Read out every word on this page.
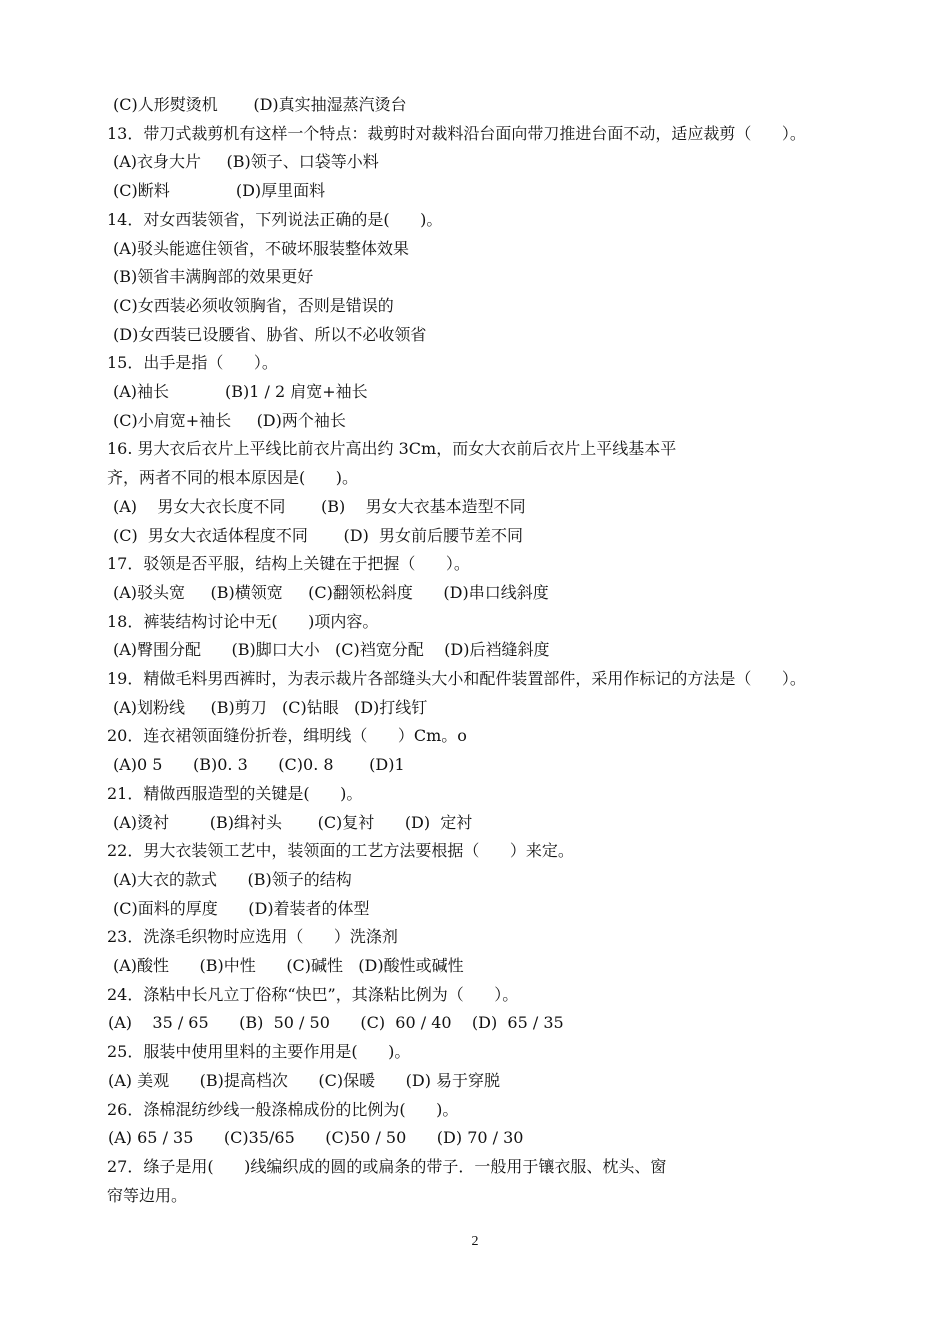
(C)人形熨烫机       (D)真实抽湿蒸汽烫台
13．带刀式裁剪机有这样一个特点：裁剪时对裁料沿台面向带刀推进台面不动，适应裁剪（      ）。
(A)衣身大片     (B)领子、口袋等小料
(C)断料             (D)厚里面料
14．对女西装领省，下列说法正确的是(      )。
(A)驳头能遮住领省，不破坏服装整体效果
(B)领省丰满胸部的效果更好
(C)女西装必须收领胸省，否则是错误的
(D)女西装已设腰省、胁省、所以不必收领省
15．出手是指（      ）。
(A)袖长           (B)1 / 2 肩宽+袖长
(C)小肩宽+袖长     (D)两个袖长
16. 男大衣后衣片上平线比前衣片高出约 3Cm，而女大衣前后衣片上平线基本平
齐，两者不同的根本原因是(      )。
(A)    男女大衣长度不同       (B)    男女大衣基本造型不同
(C)  男女大衣适体程度不同       (D)  男女前后腰节差不同
17．驳领是否平服，结构上关键在于把握（      ）。
(A)驳头宽     (B)横领宽     (C)翻领松斜度      (D)串口线斜度
18．裤装结构讨论中无(      )项内容。
(A)臀围分配      (B)脚口大小   (C)裆宽分配    (D)后裆缝斜度
19．精做毛料男西裤时，为表示裁片各部缝头大小和配件装置部件，采用作标记的方法是（      ）。
(A)划粉线     (B)剪刀   (C)钻眼   (D)打线钉
20．连衣裙领面缝份折卷，缉明线（      ）Cm。o
(A)0 5      (B)0. 3      (C)0. 8       (D)1
21．精做西服造型的关键是(      )。
(A)烫衬        (B)缉衬头       (C)复衬      (D)  定衬
22．男大衣装领工艺中，装领面的工艺方法要根据（      ）来定。
(A)大衣的款式      (B)领子的结构
(C)面料的厚度      (D)着装者的体型
23．洗涤毛织物时应选用（      ）洗涤剂
(A)酸性      (B)中性      (C)碱性   (D)酸性或碱性
24．涤粘中长凡立丁俗称“快巴”，其涤粘比例为（      ）。
(A)    35 / 65      (B)  50 / 50      (C)  60 / 40    (D)  65 / 35
25．服装中使用里料的主要作用是(      )。
(A) 美观      (B)提高档次      (C)保暖      (D) 易于穿脱
26．涤棉混纺纱线一般涤棉成份的比例为(      )。
(A) 65 / 35      (C)35/65      (C)50 / 50      (D) 70 / 30
27．绦子是用(      )线编织成的圆的或扁条的带子．一般用于镶衣服、枕头、窗
帘等边用。
2
